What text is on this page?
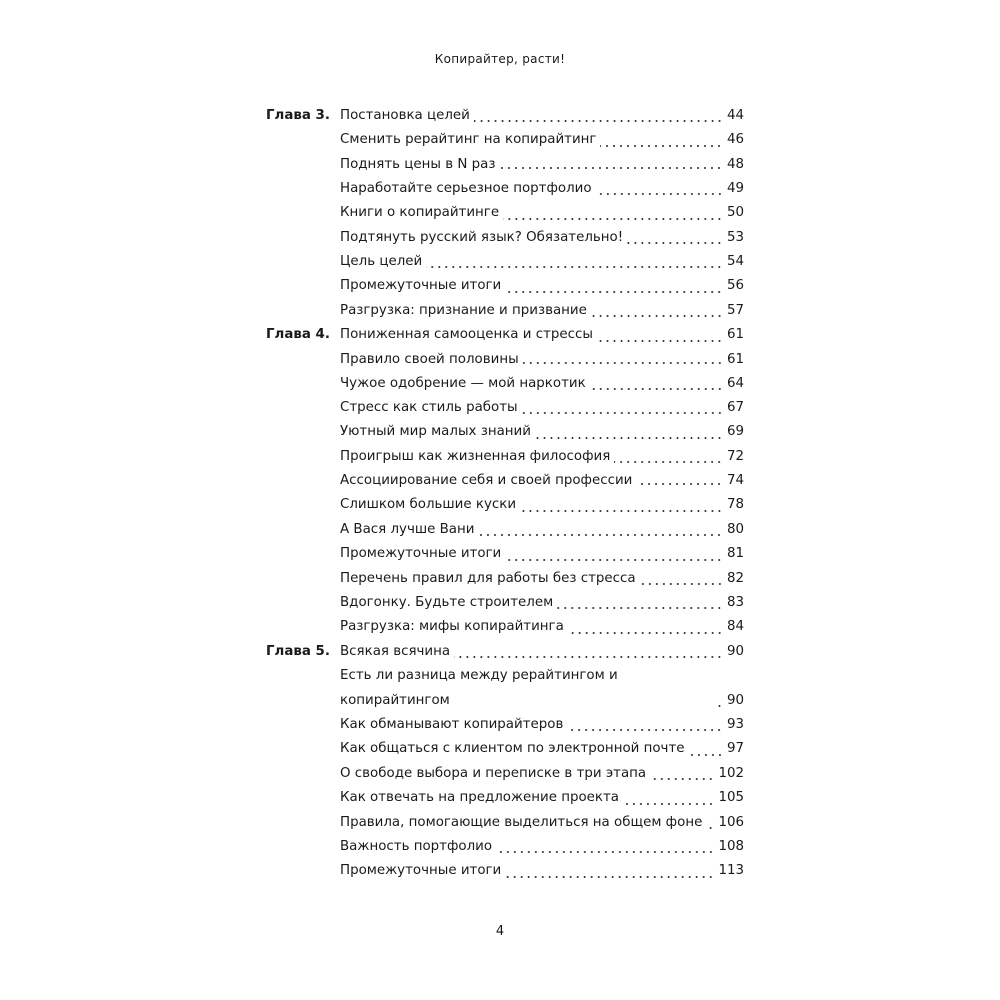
Копирайтер, расти!
Глава 3. Постановка целей	44
Сменить рерайтинг на копирайтинг	46
Поднять цены в N раз	48
Наработайте серьезное портфолио	49
Книги о копирайтинге	50
Подтянуть русский язык? Обязательно!	53
Цель целей	54
Промежуточные итоги	56
Разгрузка: признание и призвание	57
Глава 4. Пониженная самооценка и стрессы	61
Правило своей половины	61
Чужое одобрение — мой наркотик	64
Стресс как стиль работы	67
Уютный мир малых знаний	69
Проигрыш как жизненная философия	72
Ассоциирование себя и своей профессии	74
Слишком большие куски	78
А Вася лучше Вани	80
Промежуточные итоги	81
Перечень правил для работы без стресса	82
Вдогонку. Будьте строителем	83
Разгрузка: мифы копирайтинга	84
Глава 5. Всякая всячина	90
Есть ли разница между рерайтингом и копирайтингом	90
Как обманывают копирайтеров	93
Как общаться с клиентом по электронной почте	97
О свободе выбора и переписке в три этапа	102
Как отвечать на предложение проекта	105
Правила, помогающие выделиться на общем фоне 106
Важность портфолио	108
Промежуточные итоги	113
4
